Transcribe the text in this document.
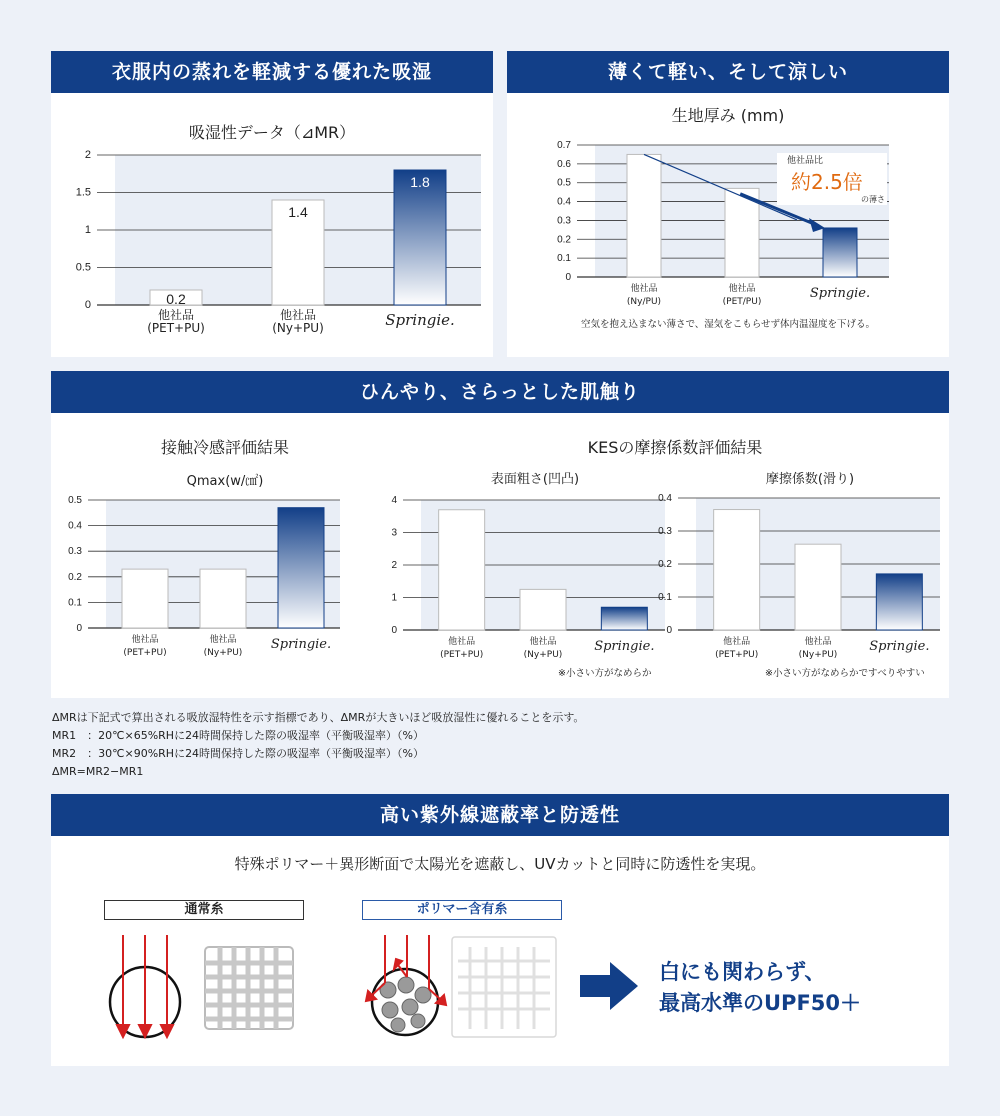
衣服内の蒸れを軽減する優れた吸湿
吸湿性データ（⊿MR）
0
0.5
1
1.5
2
他社品
(PET+PU)
0.2
他社品
(Ny+PU)
1.4
Springie.
1.8
薄くて軽い、そして涼しい
生地厚み (mm)
0
0.1
0.2
0.3
0.4
0.5
0.6
0.7
他社品
(Ny/PU)
他社品
(PET/PU)
Springie.
他社品比
約2.5倍
の薄さ
空気を抱え込まない薄さで、湿気をこもらせず体内温湿度を下げる。
ひんやり、さらっとした肌触り
接触冷感評価結果	KESの摩擦係数評価結果
Qmax(w/㎠)	表面粗さ(凹凸)	摩擦係数(滑り)
0
0.1
0.2
0.3
0.4
0.5
他社品
(PET+PU)
他社品
(Ny+PU)
Springie.
0
1
2
3
4
他社品
(PET+PU)
他社品
(Ny+PU)
Springie.
0
0.1
0.2
0.3
0.4
他社品
(PET+PU)
他社品
(Ny+PU)
Springie.
※小さい方がなめらか	※小さい方がなめらかですべりやすい
ΔMRは下記式で算出される吸放湿特性を示す指標であり、ΔMRが大きいほど吸放湿性に優れることを示す。
MR1　：20℃×65%RHに24時間保持した際の吸湿率（平衡吸湿率）（%）
MR2　：30℃×90%RHに24時間保持した際の吸湿率（平衡吸湿率）（%）
ΔMR=MR2−MR1
高い紫外線遮蔽率と防透性
特殊ポリマー＋異形断面で太陽光を遮蔽し、UVカットと同時に防透性を実現。
通常糸	ポリマー含有糸
白にも関わらず、
最高水準のUPF50＋
